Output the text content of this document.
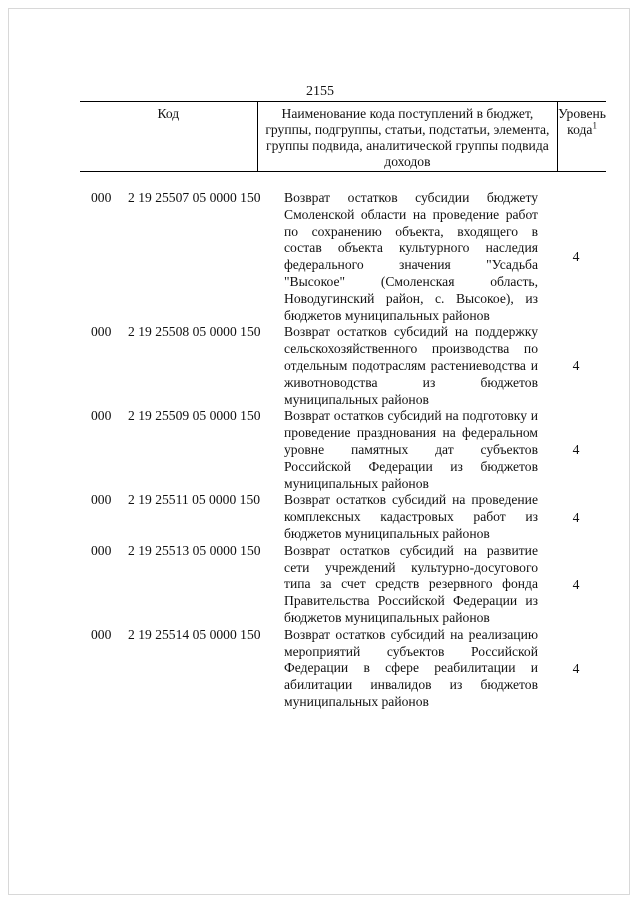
2155
Код	Наименование кода поступлений в бюджет, группы, подгруппы, статьи, подстатьи, элемента, группы подвида, аналитической группы подвида доходов
Уровень кода$^1$
000 2 19 25507 05 0000 150 Возврат остатков субсидии бюджету Смоленской области на проведение работ по сохранению объекта, входящего в состав объекта культурного наследия федерального значения "Усадьба "Высокое" (Смоленская область, Новодугинский район, с. Высокое), из бюджетов муниципальных районов
4
000 2 19 25508 05 0000 150 Возврат остатков субсидий на поддержку сельскохозяйственного производства по отдельным подотраслям растениеводства и животноводства из бюджетов муниципальных районов
4
000 2 19 25509 05 0000 150 Возврат остатков субсидий на подготовку и проведение празднования на федеральном уровне памятных дат субъектов Российской Федерации из бюджетов муниципальных районов
4
000 2 19 25511 05 0000 150 Возврат остатков субсидий на проведение комплексных кадастровых работ из бюджетов муниципальных районов
4
000 2 19 25513 05 0000 150 Возврат остатков субсидий на развитие сети учреждений культурно-досугового типа за счет средств резервного фонда Правительства Российской Федерации из бюджетов муниципальных районов
4
000 2 19 25514 05 0000 150 Возврат остатков субсидий на реализацию мероприятий субъектов Российской Федерации в сфере реабилитации и абилитации инвалидов из бюджетов муниципальных районов
4
